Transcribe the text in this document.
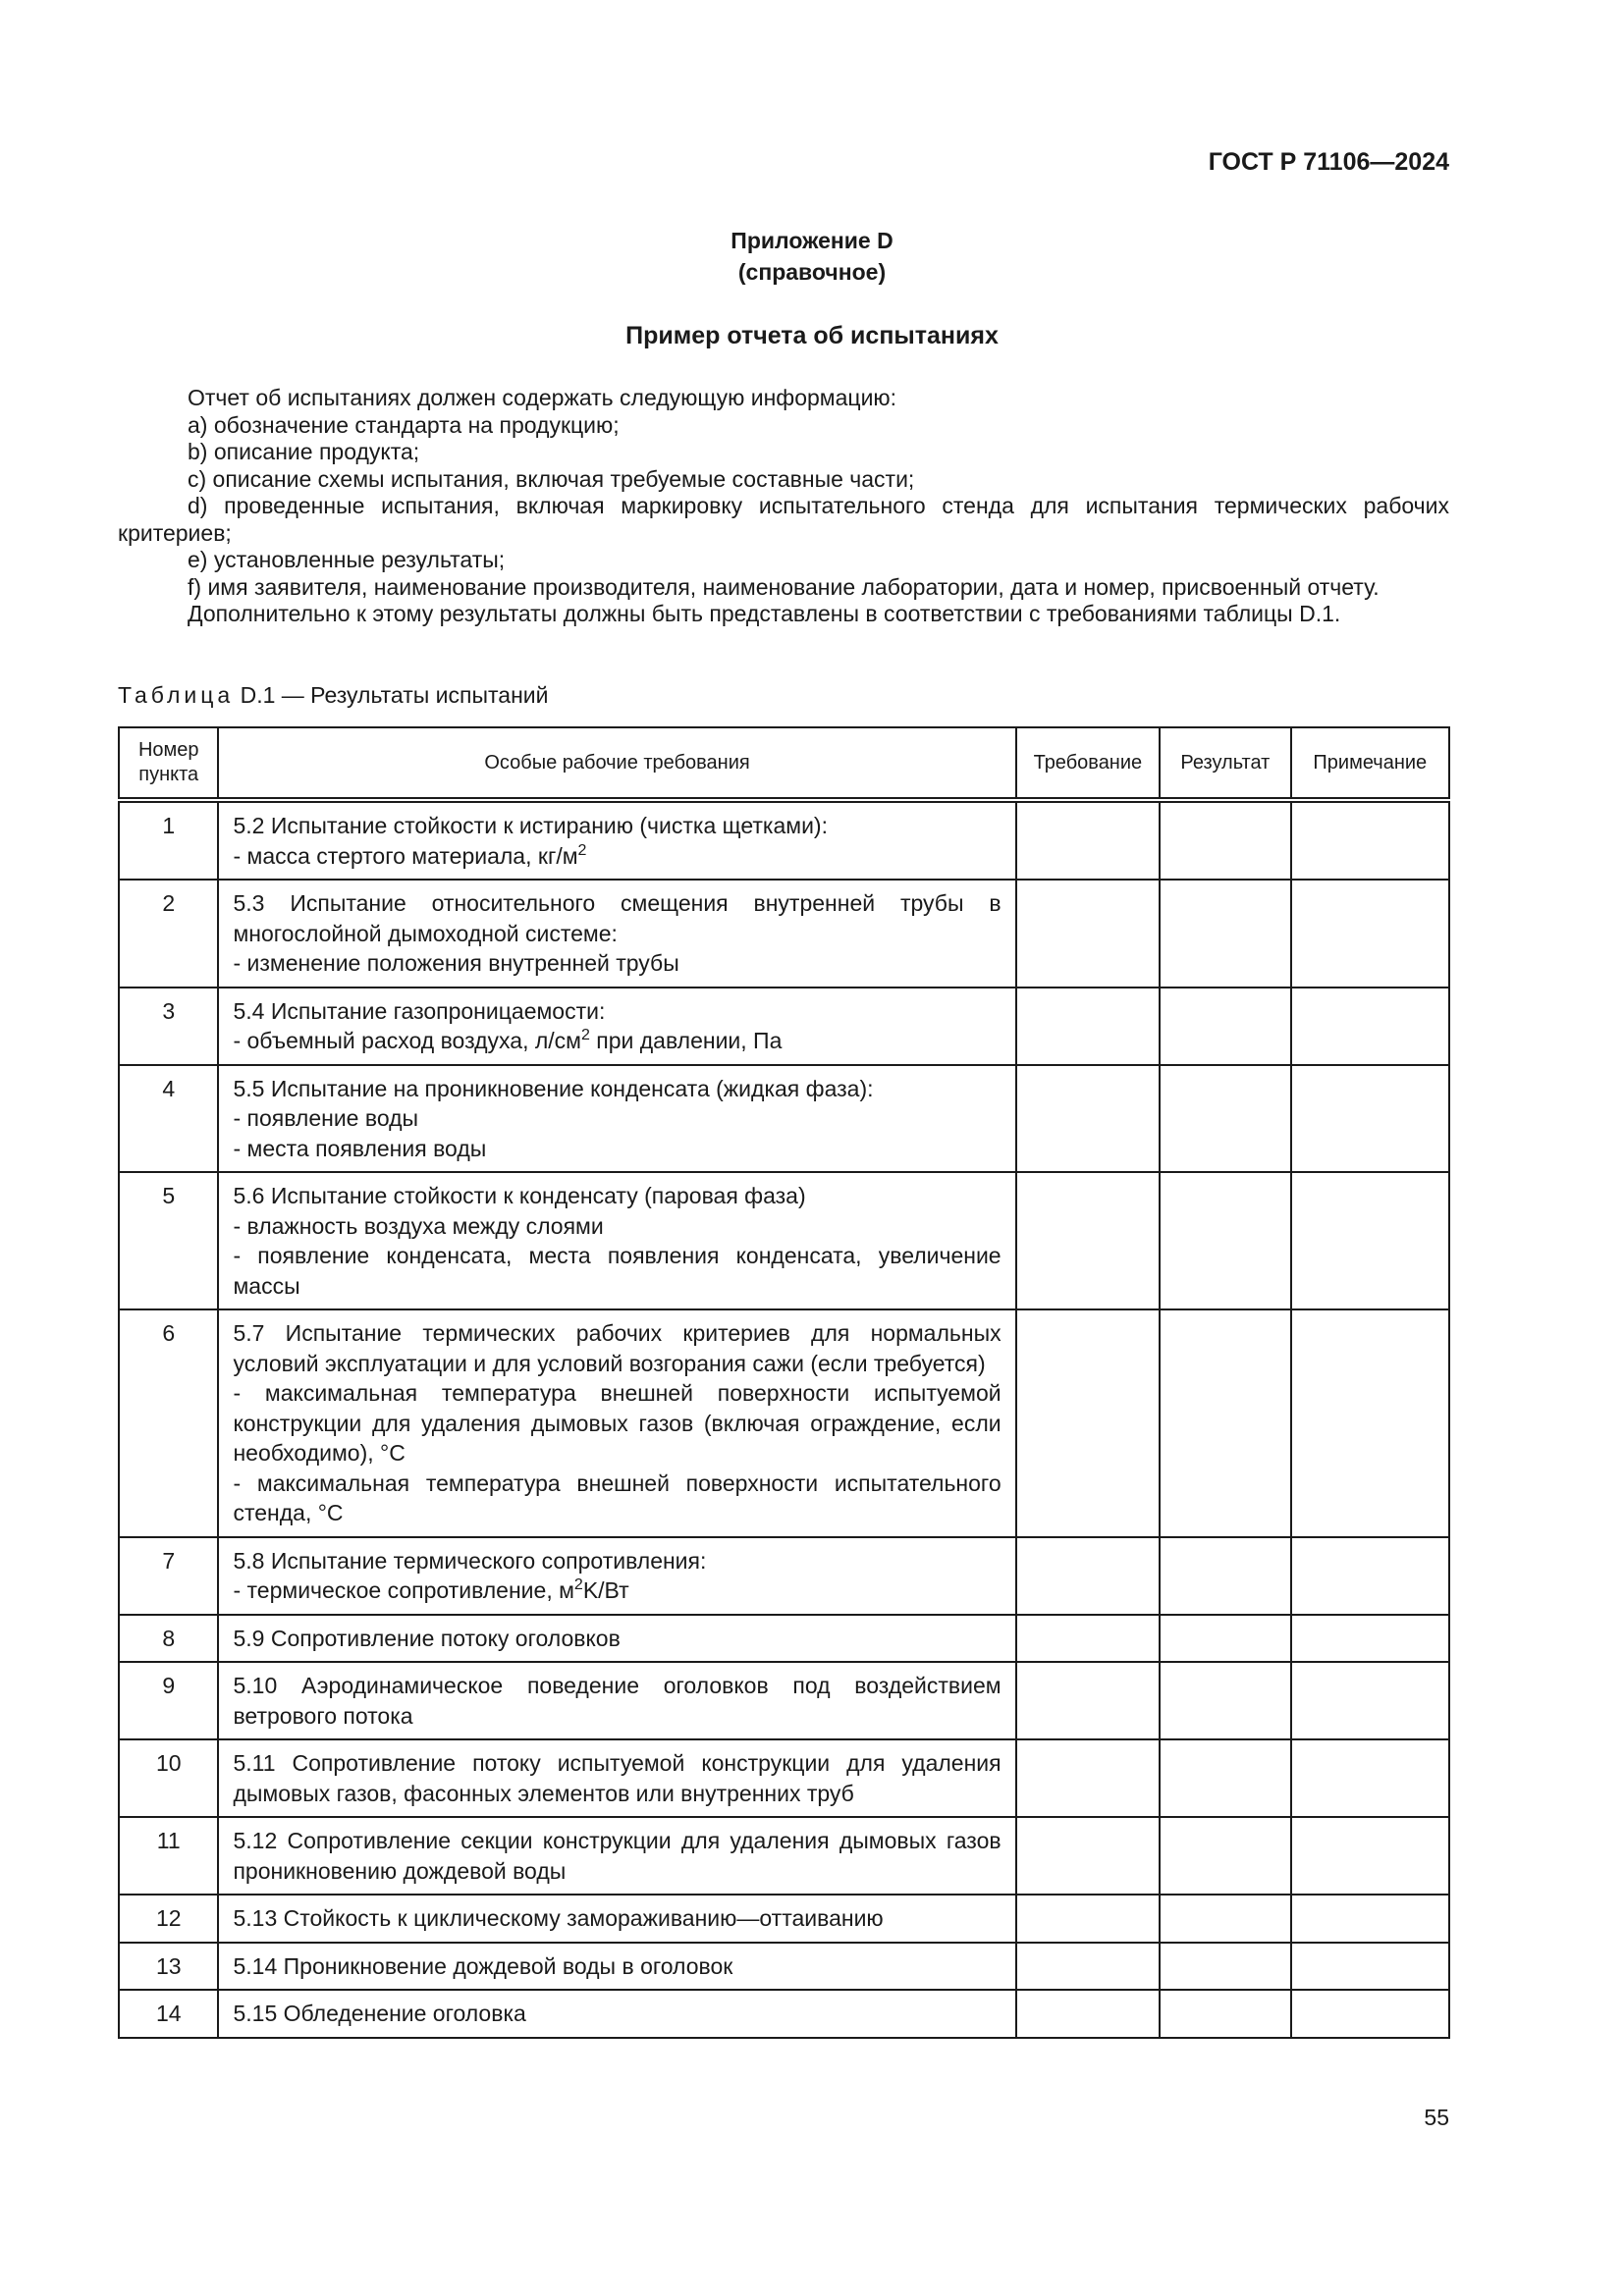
ГОСТ Р 71106—2024
Приложение D
(справочное)
Пример отчета об испытаниях

Отчет об испытаниях должен содержать следующую информацию:

a) обозначение стандарта на продукцию;

b) описание продукта;

c) описание схемы испытания, включая требуемые составные части;

d) проведенные испытания, включая маркировку испытательного стенда для испытания термических рабочих критериев;

e) установленные результаты;

f) имя заявителя, наименование производителя, наименование лаборатории, дата и номер, присвоенный отчету.

Дополнительно к этому результаты должны быть представлены в соответствии с требованиями таблицы D.1.

Таблица D.1 — Результаты испытаний
Номер пункта	Особые рабочие требования	Требование	Результат	Примечание
1	5.2 Испытание стойкости к истиранию (чистка щетками):
- масса стертого материала, $кг/м^2$

2	5.3 Испытание относительного смещения внутренней трубы в многослойной дымоходной системе:
- изменение положения внутренней трубы			

3	5.4 Испытание газопроницаемости:
- объемный расход воздуха, $л/см^2$ при давлении, Па			

4	5.5 Испытание на проникновение конденсата (жидкая фаза):
- появление воды
- места появления воды			

5	5.6 Испытание стойкости к конденсату (паровая фаза)
- влажность воздуха между слоями
- появление конденсата, места появления конденсата, увеличение массы			

6	5.7 Испытание термических рабочих критериев для нормальных условий эксплуатации и для условий возгорания сажи (если требуется)
- максимальная температура внешней поверхности испытуемой конструкции для удаления дымовых газов (включая ограждение, если необходимо), °C
- максимальная температура внешней поверхности испытательного стенда, °C			

7	5.8 Испытание термического сопротивления:
- термическое сопротивление, $м^2K/Вт$			

8	5.9 Сопротивление потоку оголовков			
9	5.10 Аэродинамическое поведение оголовков под воздействием ветрового потока			
10	5.11 Сопротивление потоку испытуемой конструкции для удаления дымовых газов, фасонных элементов или внутренних труб			
11	5.12 Сопротивление секции конструкции для удаления дымовых газов проникновению дождевой воды			
12	5.13 Стойкость к циклическому замораживанию—оттаиванию			
13	5.14 Проникновение дождевой воды в оголовок			
14	5.15 Обледенение оголовка			
55
